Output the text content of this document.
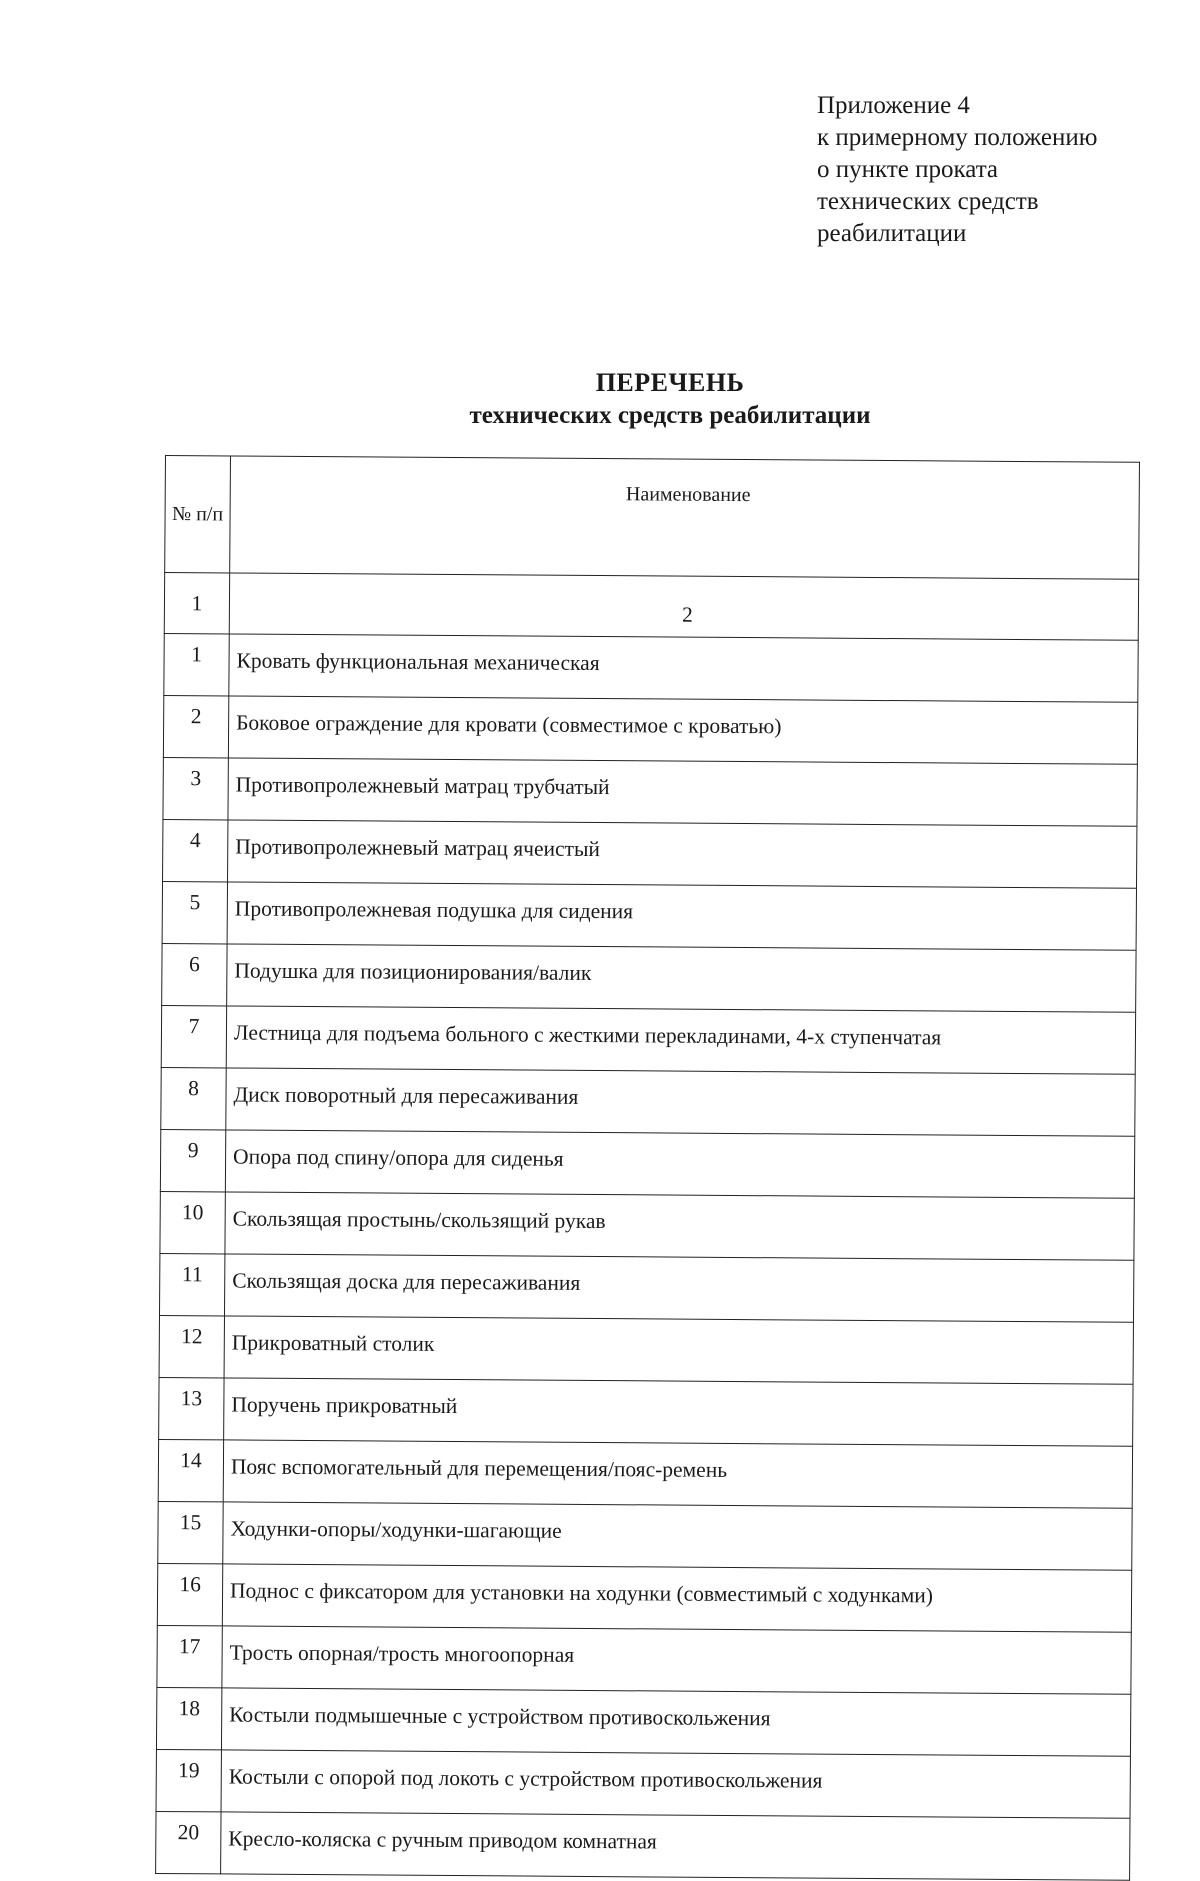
Приложение 4
к примерному положению
о пункте проката
технических средств
реабилитации
ПЕРЕЧЕНЬ
технических средств реабилитации
№ п/п	Наименование
1	2
1	Кровать функциональная механическая
2	Боковое ограждение для кровати (совместимое с кроватью)
3	Противопролежневый матрац трубчатый
4	Противопролежневый матрац ячеистый
5	Противопролежневая подушка для сидения
6	Подушка для позиционирования/валик
7	Лестница для подъема больного с жесткими перекладинами, 4-х ступенчатая
8	Диск поворотный для пересаживания
9	Опора под спину/опора для сиденья
10	Скользящая простынь/скользящий рукав
11	Скользящая доска для пересаживания
12	Прикроватный столик
13	Поручень прикроватный
14	Пояс вспомогательный для перемещения/пояс-ремень
15	Ходунки-опоры/ходунки-шагающие
16	Поднос с фиксатором для установки на ходунки (совместимый с ходунками)
17	Трость опорная/трость многоопорная
18	Костыли подмышечные с устройством противоскольжения
19	Костыли с опорой под локоть с устройством противоскольжения
20	Кресло-коляска с ручным приводом комнатная
